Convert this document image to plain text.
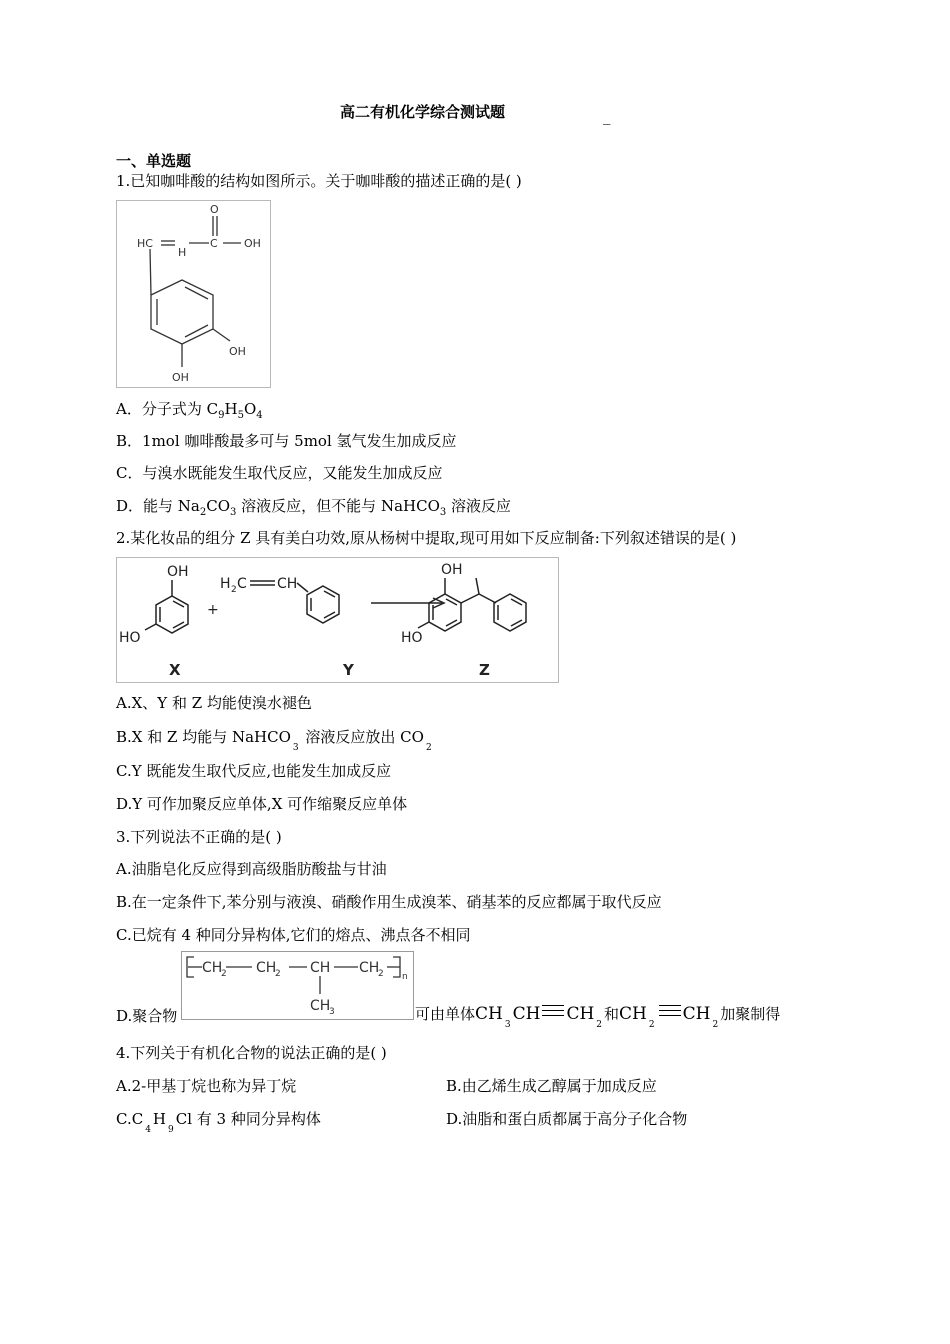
高二有机化学综合测试题	_
一、单选题
1.已知咖啡酸的结构如图所示。关于咖啡酸的描述正确的是( )
HC
H
C
O
OH
OH
OH
A．分子式为 $C_9H_5O_4$
B．1mol 咖啡酸最多可与 5mol 氢气发生加成反应
C．与溴水既能发生取代反应，又能发生加成反应
D．能与 $Na_2CO_3$ 溶液反应，但不能与 NaHCO$_3$ 溶液反应
2.某化妆品的组分 Z 具有美白功效,原从杨树中提取,现可用如下反应制备:下列叙述错误的是( )
OH
HO
+
H 2 C CH
OH
HO
X	Y	Z
A.X、Y 和 Z 均能使溴水褪色
B.X 和 Z 均能与 NaHCO3 溶液反应放出 CO2
C.Y 既能发生取代反应,也能发生加成反应
D.Y 可作加聚反应单体,X 可作缩聚反应单体
3.下列说法不正确的是( )
A.油脂皂化反应得到高级脂肪酸盐与甘油
B.在一定条件下,苯分别与液溴、硝酸作用生成溴苯、硝基苯的反应都属于取代反应
C.已烷有 4 种同分异构体,它们的熔点、沸点各不相同
D.聚合物
CH
2 CH
2 CH CH
2 n
CH
3	可由单体CH3CH CH2和CH2CH2加聚制得
4.下列关于有机化合物的说法正确的是( )
A.2-甲基丁烷也称为异丁烷	B.由乙烯生成乙醇属于加成反应
C.C4H9Cl 有 3 种同分异构体	D.油脂和蛋白质都属于高分子化合物
